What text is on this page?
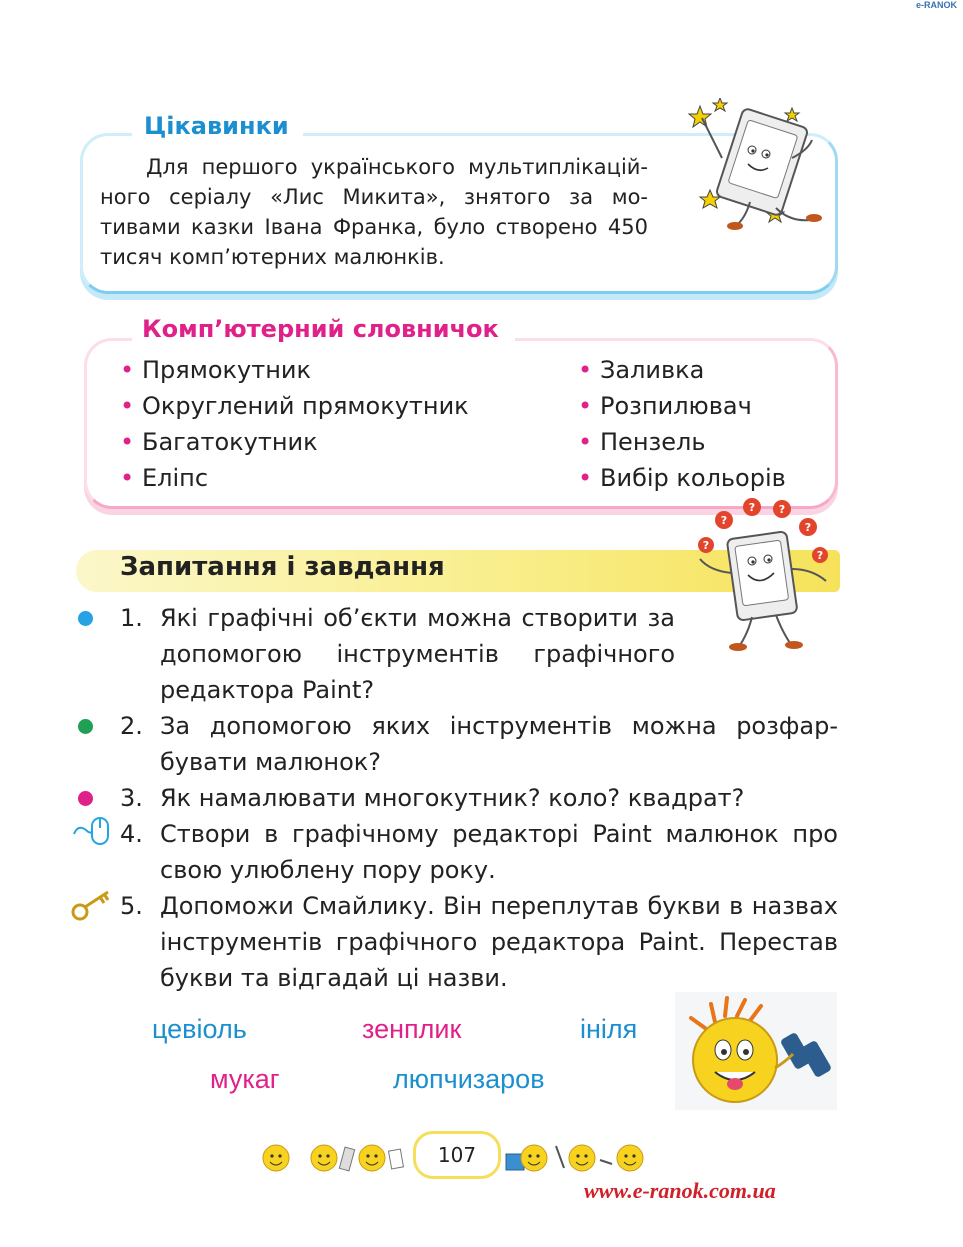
e-RANOK
Цікавинки
Для першого українського мультиплікаційного серіалу «Лис Микита», знятого за мотивами казки Івана Франка, було створено 450 тисяч комп’ютерних малюнків.
Комп’ютерний словничок
• Прямокутник
• Округлений прямокутник
• Багатокутник
• Еліпс
• Заливка
• Розпилювач
• Пензель
• Вибір кольорів
Запитання і завдання
?
? ?
?
?
?
1. Які графічні об’єкти можна створити за допомогою інструментів графічного редактора Paint?
2. За допомогою яких інструментів можна розфарбувати малюнок?
3. Як намалювати многокутник? коло? квадрат?
4. Створи в графічному редакторі Paint малюнок про свою улюблену пору року.
5. Допоможи Смайлику. Він переплутав букви в назвах інструментів графічного редактора Paint. Перестав букви та відгадай ці назви.
цевіоль	зенплик	ініля
мукаг	люпчизаров
107
www.e-ranok.com.ua
